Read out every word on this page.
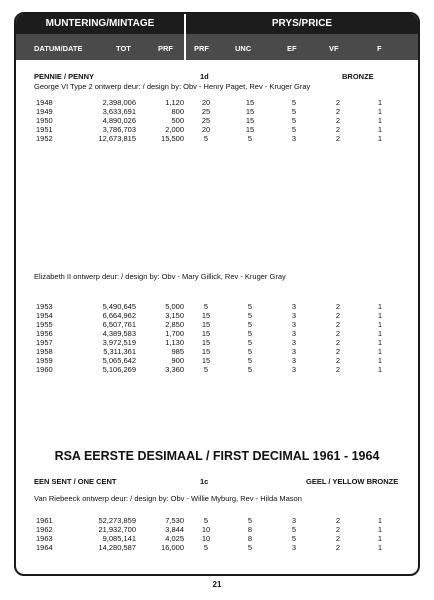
MUNTERING/MINTAGE	PRYS/PRICE
DATUM/DATE	TOT	PRF	PRF	UNC	EF	VF	F
PENNIE / PENNY	1d	BRONZE
George VI Type 2 ontwerp deur: / design by: Obv - Henry Paget, Rev - Kruger Gray
1948	2,398,006	1,120	20	15	5	2	1
1949	3,633,691	800	25	15	5	2	1
1950	4,890,026	500	25	15	5	2	1
1951	3,786,703	2,000	20	15	5	2	1
1952	12,673,815	15,500	5	5	3	2	1
Elizabeth II ontwerp deur: / design by: Obv - Mary Gillick, Rev - Kruger Gray
1953	5,490,645	5,000	5	5	3	2	1
1954	6,664,962	3,150	15	5	3	2	1
1955	6,507,761	2,850	15	5	3	2	1
1956	4,389,583	1,700	15	5	3	2	1
1957	3,972,519	1,130	15	5	3	2	1
1958	5,311,361	985	15	5	3	2	1
1959	5,065,642	900	15	5	3	2	1
1960	5,106,269	3,360	5	5	3	2	1
RSA EERSTE DESIMAAL / FIRST DECIMAL 1961 - 1964
EEN SENT / ONE CENT	1c	GEEL / YELLOW BRONZE
Van Riebeeck ontwerp deur: / design by: Obv - Willie Myburg, Rev - Hilda Mason
1961	52,273,859	7,530	5	5	3	2	1
1962	21,932,700	3,844	10	8	5	2	1
1963	9,085,141	4,025	10	8	5	2	1
1964	14,280,587	16,000	5	5	3	2	1
21
